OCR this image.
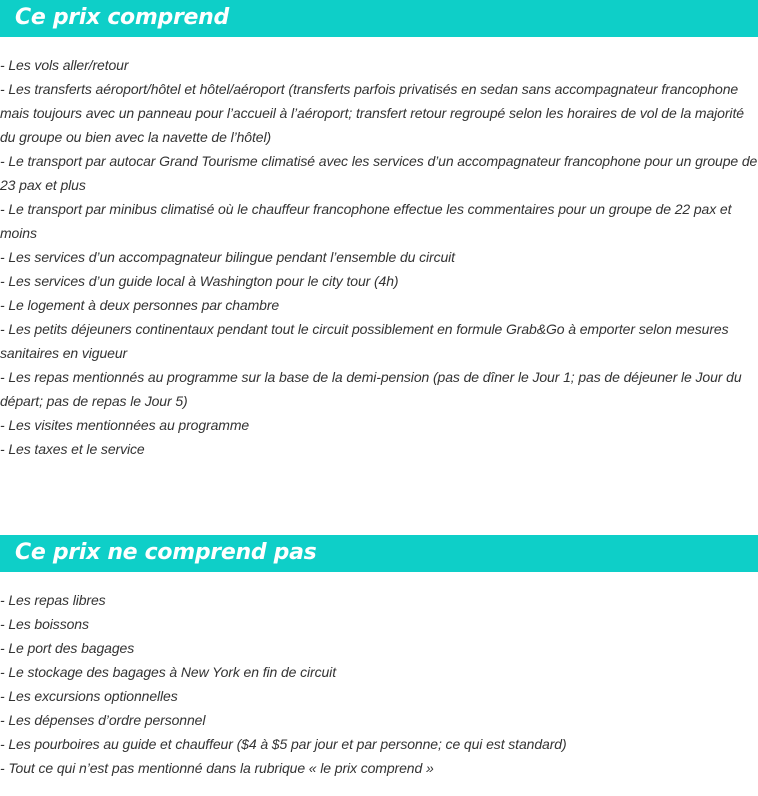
Ce prix comprend
- Les vols aller/retour
- Les transferts aéroport/hôtel et hôtel/aéroport (transferts parfois privatisés en sedan sans accompagnateur francophone mais toujours avec un panneau pour l’accueil à l’aéroport; transfert retour regroupé selon les horaires de vol de la majorité du groupe ou bien avec la navette de l’hôtel)
- Le transport par autocar Grand Tourisme climatisé avec les services d’un accompagnateur francophone pour un groupe de 23 pax et plus
- Le transport par minibus climatisé où le chauffeur francophone effectue les commentaires pour un groupe de 22 pax et moins
- Les services d’un accompagnateur bilingue pendant l’ensemble du circuit
- Les services d’un guide local à Washington pour le city tour (4h)
- Le logement à deux personnes par chambre
- Les petits déjeuners continentaux pendant tout le circuit possiblement en formule Grab&Go à emporter selon mesures sanitaires en vigueur
- Les repas mentionnés au programme sur la base de la demi-pension (pas de dîner le Jour 1; pas de déjeuner le Jour du départ; pas de repas le Jour 5)
- Les visites mentionnées au programme
- Les taxes et le service
Ce prix ne comprend pas
- Les repas libres
- Les boissons
- Le port des bagages
- Le stockage des bagages à New York en fin de circuit
- Les excursions optionnelles
- Les dépenses d’ordre personnel
- Les pourboires au guide et chauffeur ($4 à $5 par jour et par personne; ce qui est standard)
- Tout ce qui n’est pas mentionné dans la rubrique « le prix comprend »
